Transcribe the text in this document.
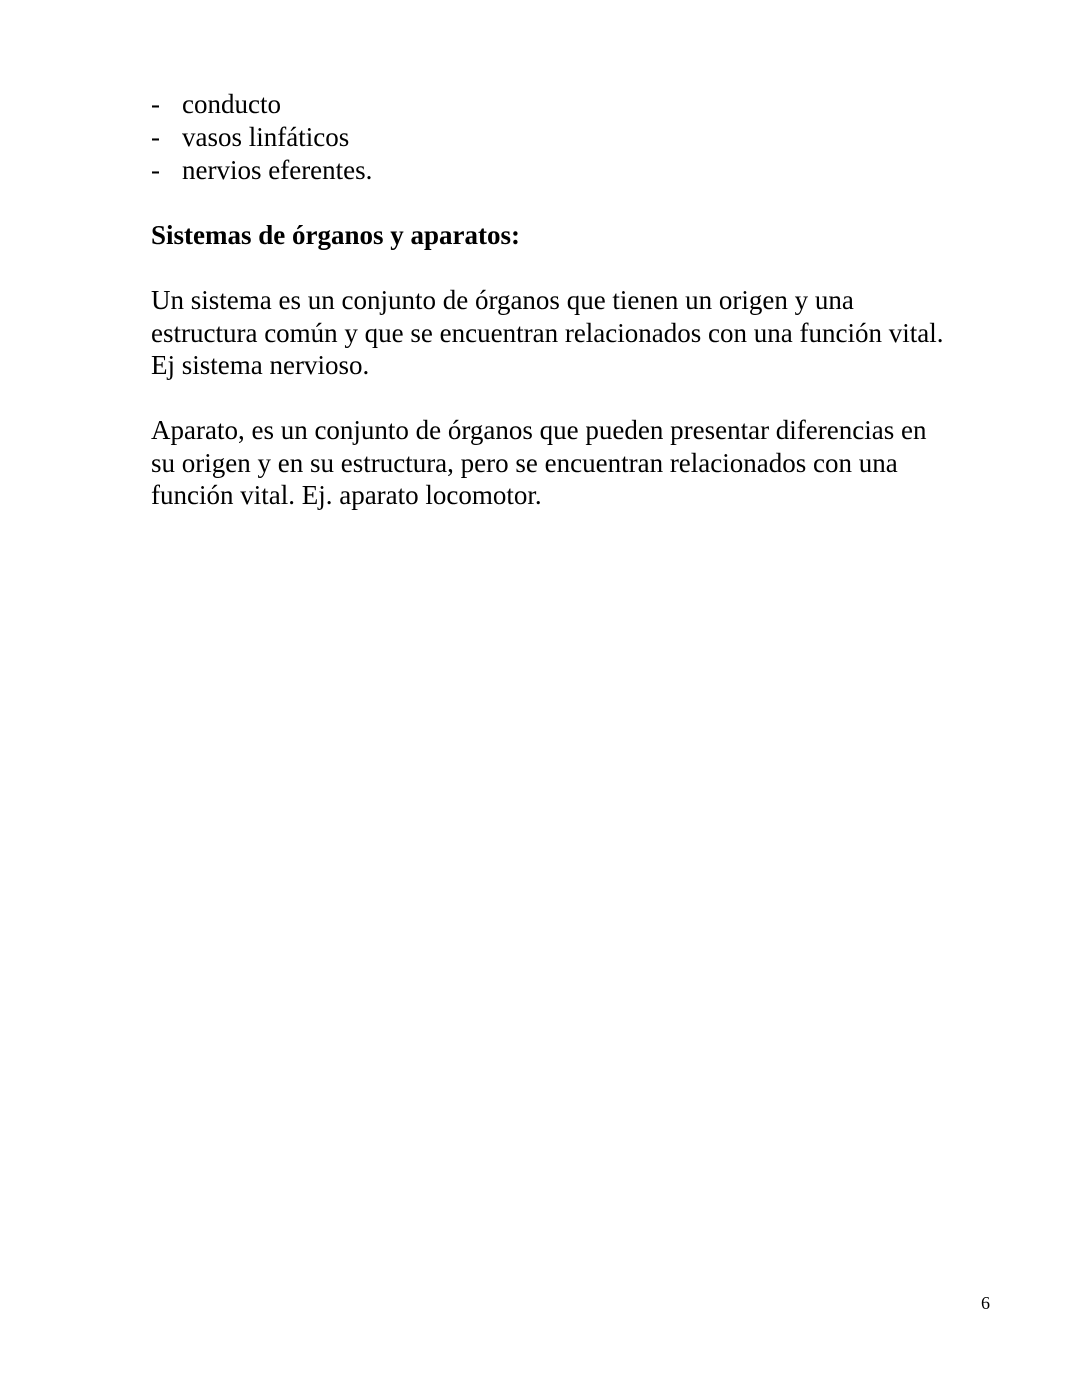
- conducto
- vasos linfáticos
- nervios eferentes.
Sistemas de órganos y aparatos:

Un sistema es un conjunto de órganos que tienen un origen y una
estructura común y que se encuentran relacionados con una función vital.
Ej sistema nervioso.

Aparato, es un conjunto de órganos que pueden presentar diferencias en
su origen y en su estructura, pero se encuentran relacionados con una
función vital. Ej. aparato locomotor.

6
